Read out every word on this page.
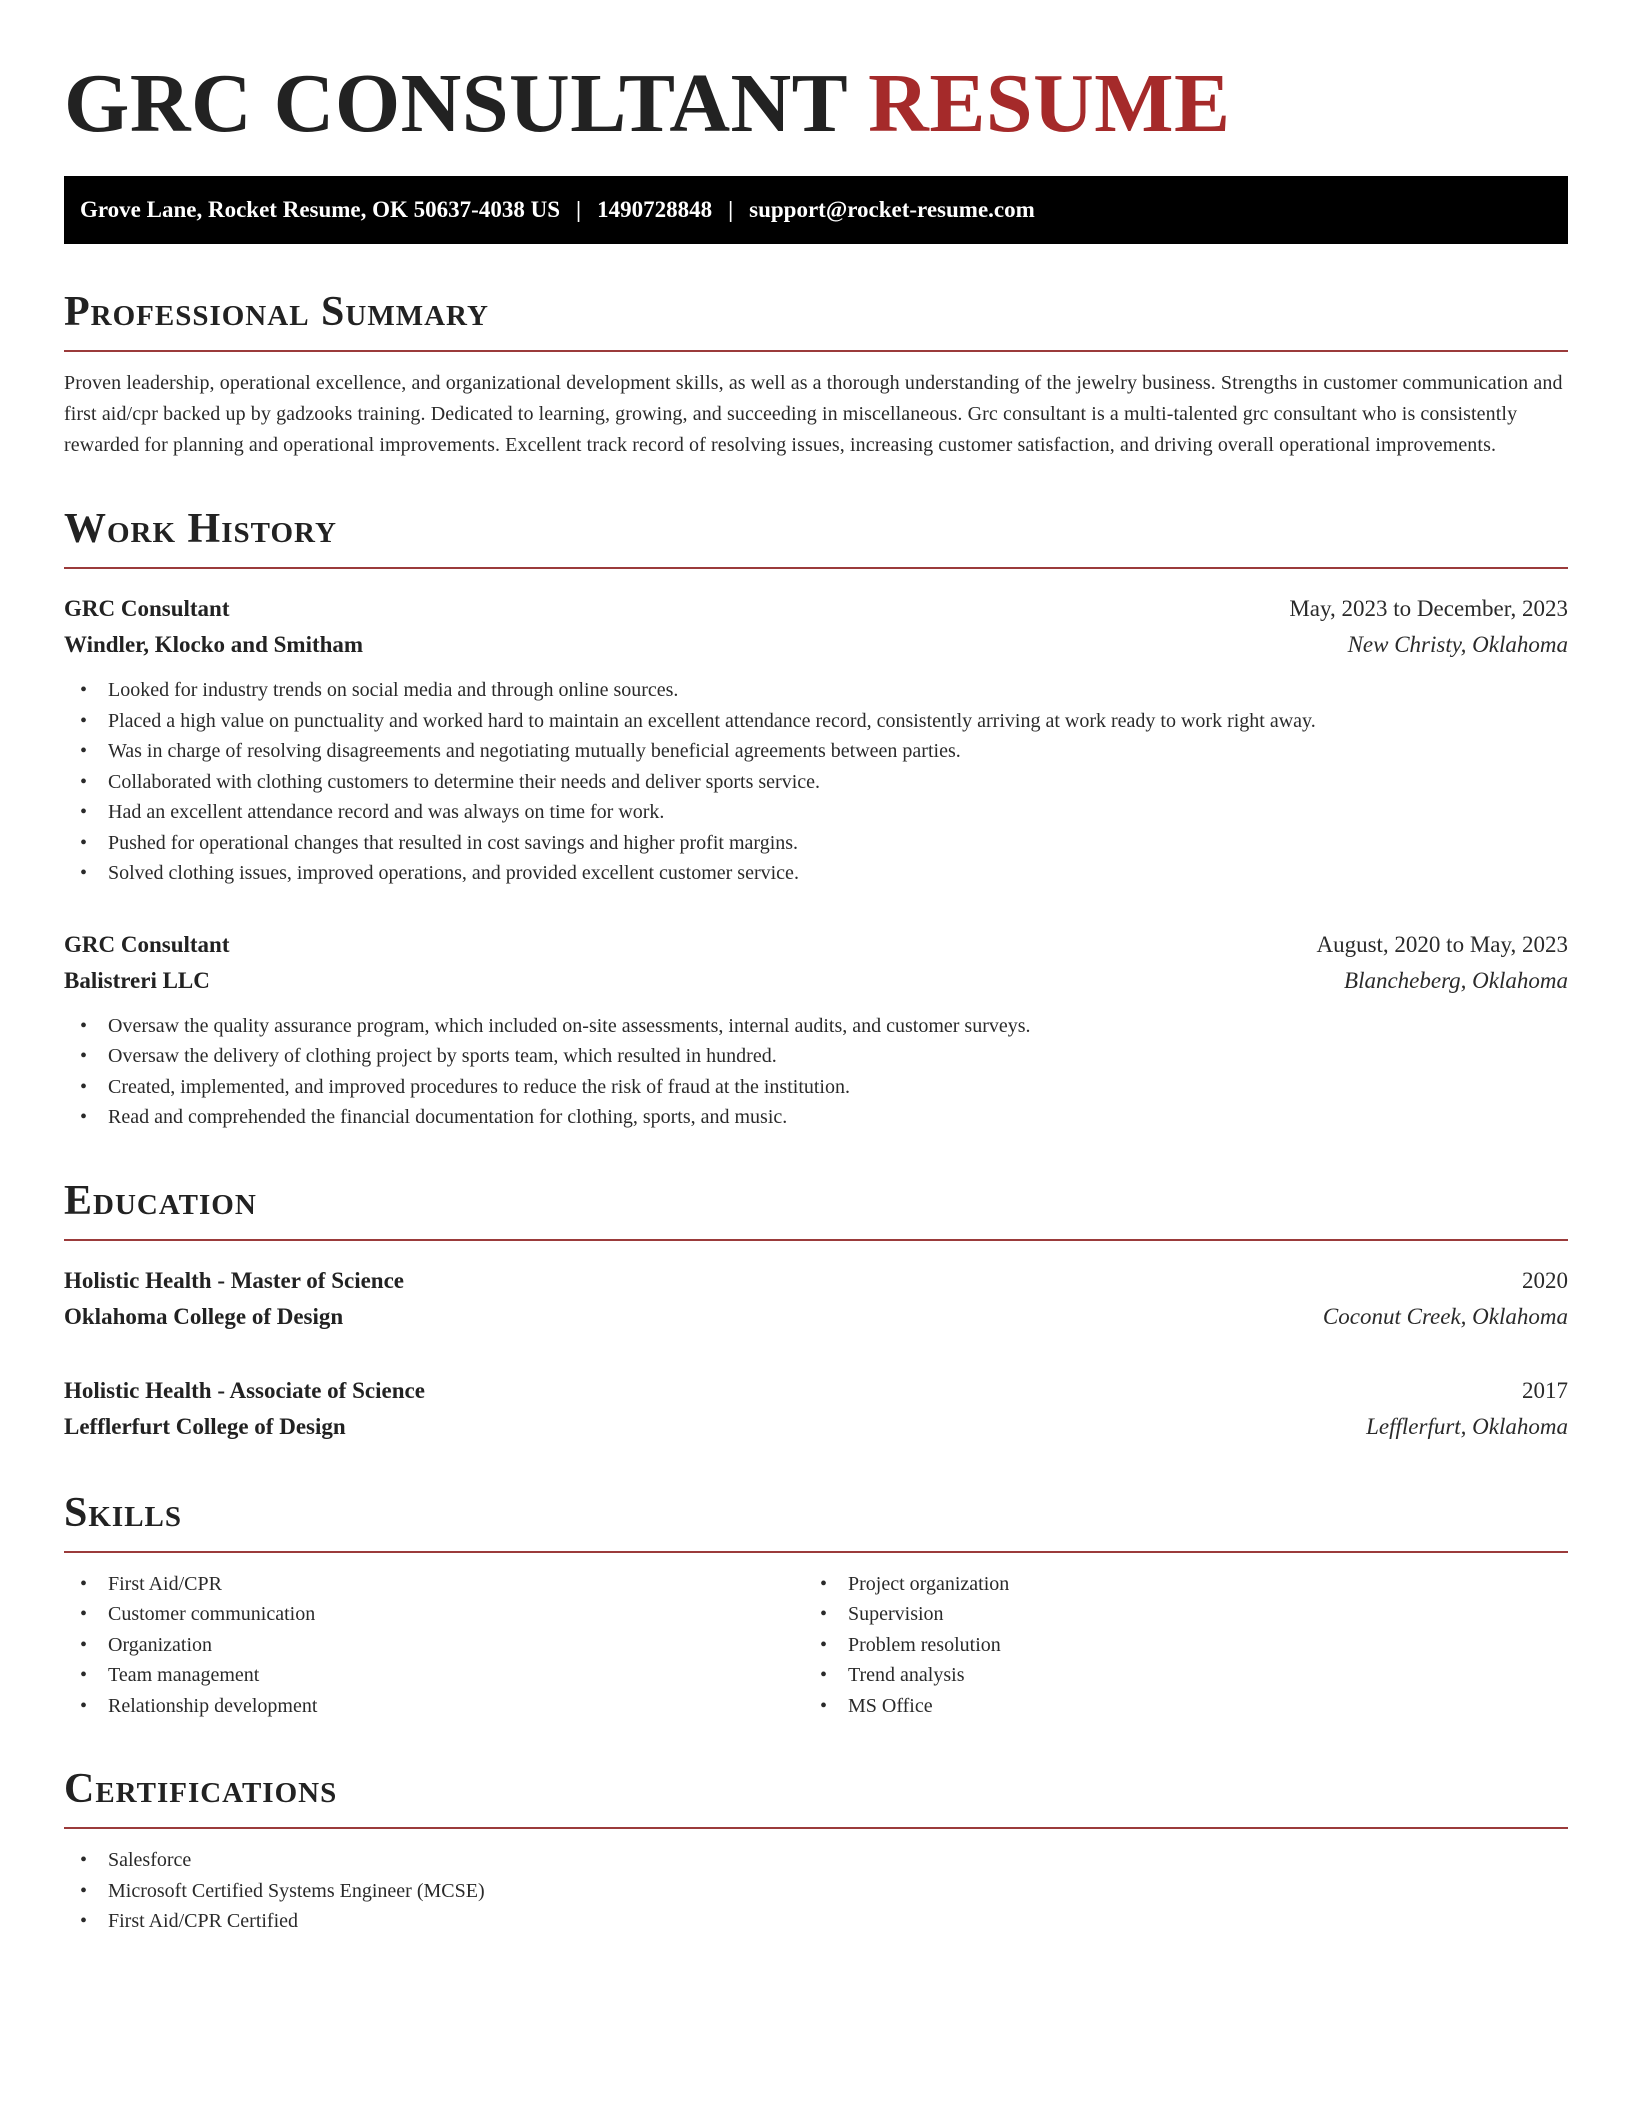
GRC CONSULTANT RESUME
Grove Lane, Rocket Resume, OK 50637-4038 US | 1490728848 | support@rocket-resume.com
Professional Summary

Proven leadership, operational excellence, and organizational development skills, as well as a thorough understanding of the jewelry business. Strengths in customer communication and first aid/cpr backed up by gadzooks training. Dedicated to learning, growing, and succeeding in miscellaneous. Grc consultant is a multi-talented grc consultant who is consistently rewarded for planning and operational improvements. Excellent track record of resolving issues, increasing customer satisfaction, and driving overall operational improvements.

Work History
GRC Consultant	May, 2023 to December, 2023
Windler, Klocko and Smitham	New Christy, Oklahoma
• Looked for industry trends on social media and through online sources.
• Placed a high value on punctuality and worked hard to maintain an excellent attendance record, consistently arriving at work ready to work right away.
• Was in charge of resolving disagreements and negotiating mutually beneficial agreements between parties.
• Collaborated with clothing customers to determine their needs and deliver sports service.
• Had an excellent attendance record and was always on time for work.
• Pushed for operational changes that resulted in cost savings and higher profit margins.
• Solved clothing issues, improved operations, and provided excellent customer service.
GRC Consultant	August, 2020 to May, 2023
Balistreri LLC	Blancheberg, Oklahoma
• Oversaw the quality assurance program, which included on-site assessments, internal audits, and customer surveys.
• Oversaw the delivery of clothing project by sports team, which resulted in hundred.
• Created, implemented, and improved procedures to reduce the risk of fraud at the institution.
• Read and comprehended the financial documentation for clothing, sports, and music.
Education
Holistic Health - Master of Science	2020
Oklahoma College of Design	Coconut Creek, Oklahoma
Holistic Health - Associate of Science	2017
Lefflerfurt College of Design	Lefflerfurt, Oklahoma
Skills
• First Aid/CPR
• Customer communication
• Organization
• Team management
• Relationship development
• Project organization
• Supervision
• Problem resolution
• Trend analysis
• MS Office
Certifications
• Salesforce
• Microsoft Certified Systems Engineer (MCSE)
• First Aid/CPR Certified
